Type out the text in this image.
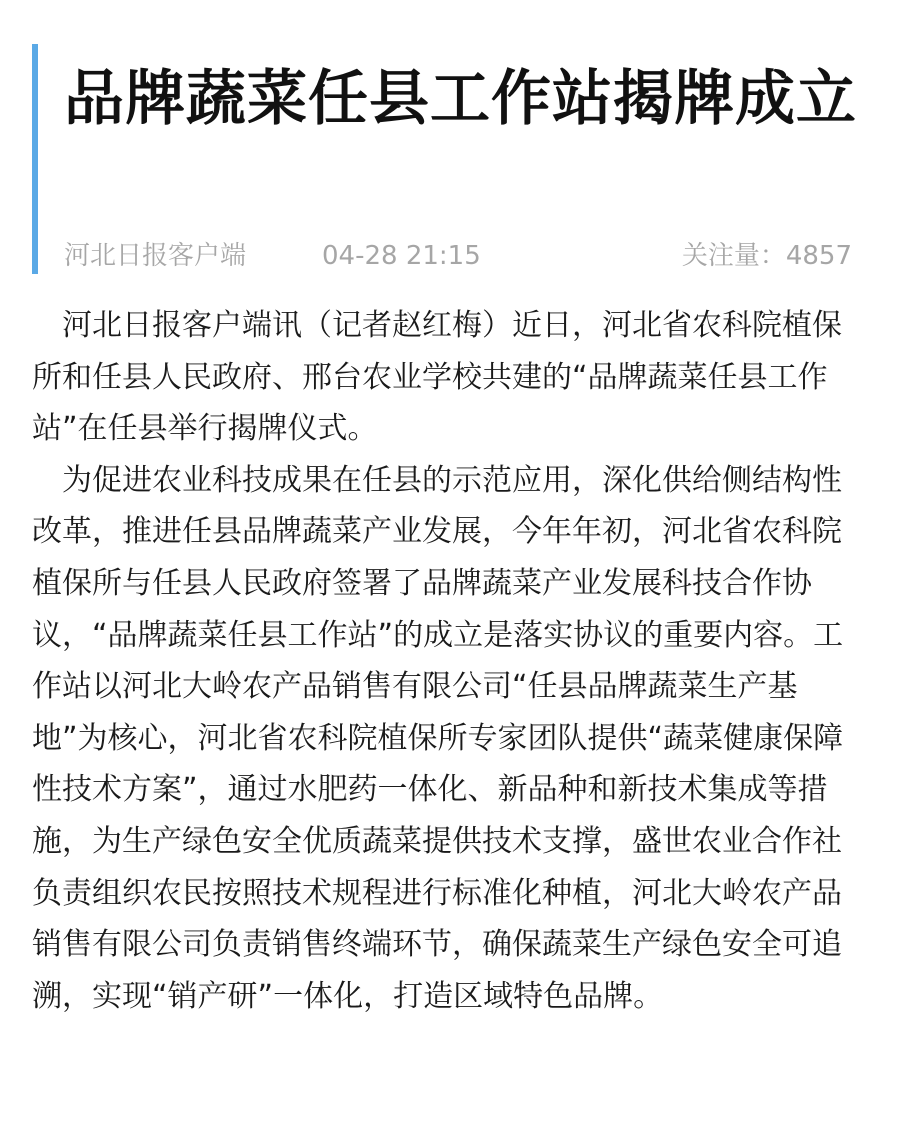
品牌蔬菜任县工作站揭牌成立
河北日报客户端	04-28 21:15	关注量：4857

河北日报客户端讯（记者赵红梅）近日，河北省农科院植保所和任县人民政府、邢台农业学校共建的“品牌蔬菜任县工作站”在任县举行揭牌仪式。

为促进农业科技成果在任县的示范应用，深化供给侧结构性改革，推进任县品牌蔬菜产业发展，今年年初，河北省农科院植保所与任县人民政府签署了品牌蔬菜产业发展科技合作协议，“品牌蔬菜任县工作站”的成立是落实协议的重要内容。工作站以河北大岭农产品销售有限公司“任县品牌蔬菜生产基地”为核心，河北省农科院植保所专家团队提供“蔬菜健康保障性技术方案”，通过水肥药一体化、新品种和新技术集成等措施，为生产绿色安全优质蔬菜提供技术支撑，盛世农业合作社负责组织农民按照技术规程进行标准化种植，河北大岭农产品销售有限公司负责销售终端环节，确保蔬菜生产绿色安全可追溯，实现“销产研”一体化，打造区域特色品牌。
